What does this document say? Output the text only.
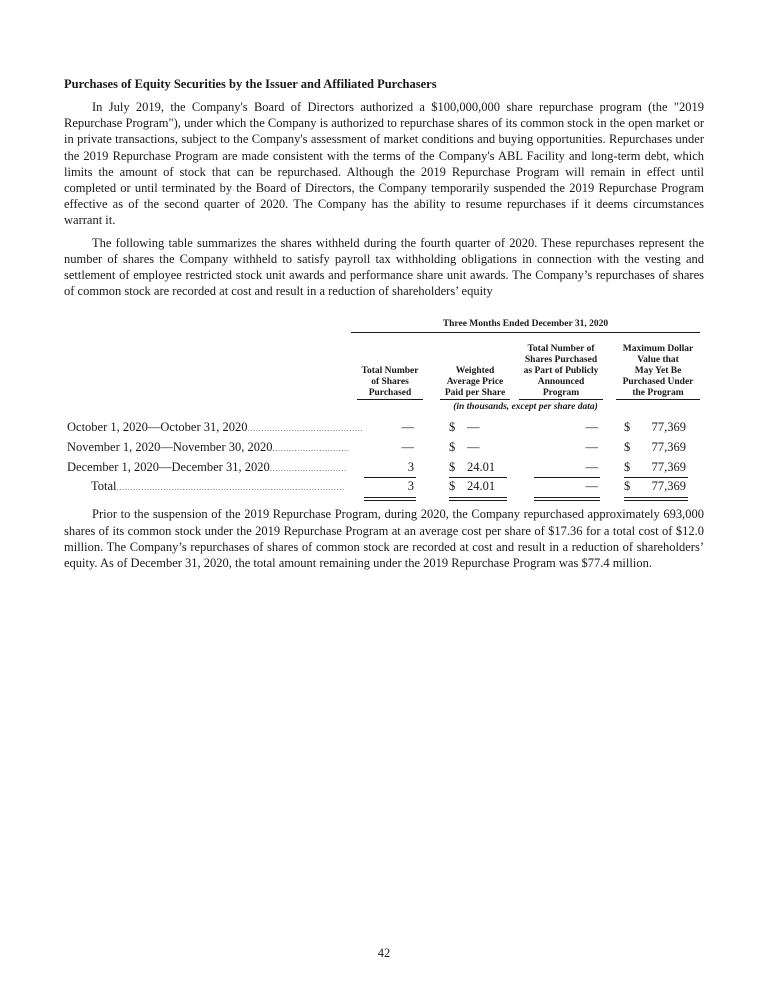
Purchases of Equity Securities by the Issuer and Affiliated Purchasers

In July 2019, the Company's Board of Directors authorized a $100,000,000 share repurchase program (the "2019 Repurchase Program"), under which the Company is authorized to repurchase shares of its common stock in the open market or in private transactions, subject to the Company's assessment of market conditions and buying opportunities. Repurchases under the 2019 Repurchase Program are made consistent with the terms of the Company's ABL Facility and long-term debt, which limits the amount of stock that can be repurchased. Although the 2019 Repurchase Program will remain in effect until completed or until terminated by the Board of Directors, the Company temporarily suspended the 2019 Repurchase Program effective as of the second quarter of 2020. The Company has the ability to resume repurchases if it deems circumstances warrant it.

The following table summarizes the shares withheld during the fourth quarter of 2020. These repurchases represent the number of shares the Company withheld to satisfy payroll tax withholding obligations in connection with the vesting and settlement of employee restricted stock unit awards and performance share unit awards. The Company’s repurchases of shares of common stock are recorded at cost and result in a reduction of shareholders’ equity

Three Months Ended December 31, 2020
Total Number
of Shares
Purchased
Weighted
Average Price
Paid per Share
Total Number of
Shares Purchased
as Part of Publicly
Announced
Program
Maximum Dollar
Value that
May Yet Be
Purchased Under
the Program
(in thousands, except per share data)
October 1, 2020—October 31, 2020..........................................	—	$ —	— $	77,369
November 1, 2020—November 30, 2020............................	—	$ —	— $	77,369
December 1, 2020—December 31, 2020............................	3	$ 24.01	— $	77,369
Total...................................................................................	3	$ 24.01	— $	77,369

Prior to the suspension of the 2019 Repurchase Program, during 2020, the Company repurchased approximately 693,000 shares of its common stock under the 2019 Repurchase Program at an average cost per share of $17.36 for a total cost of $12.0 million. The Company’s repurchases of shares of common stock are recorded at cost and result in a reduction of shareholders’ equity. As of December 31, 2020, the total amount remaining under the 2019 Repurchase Program was $77.4 million.

42
